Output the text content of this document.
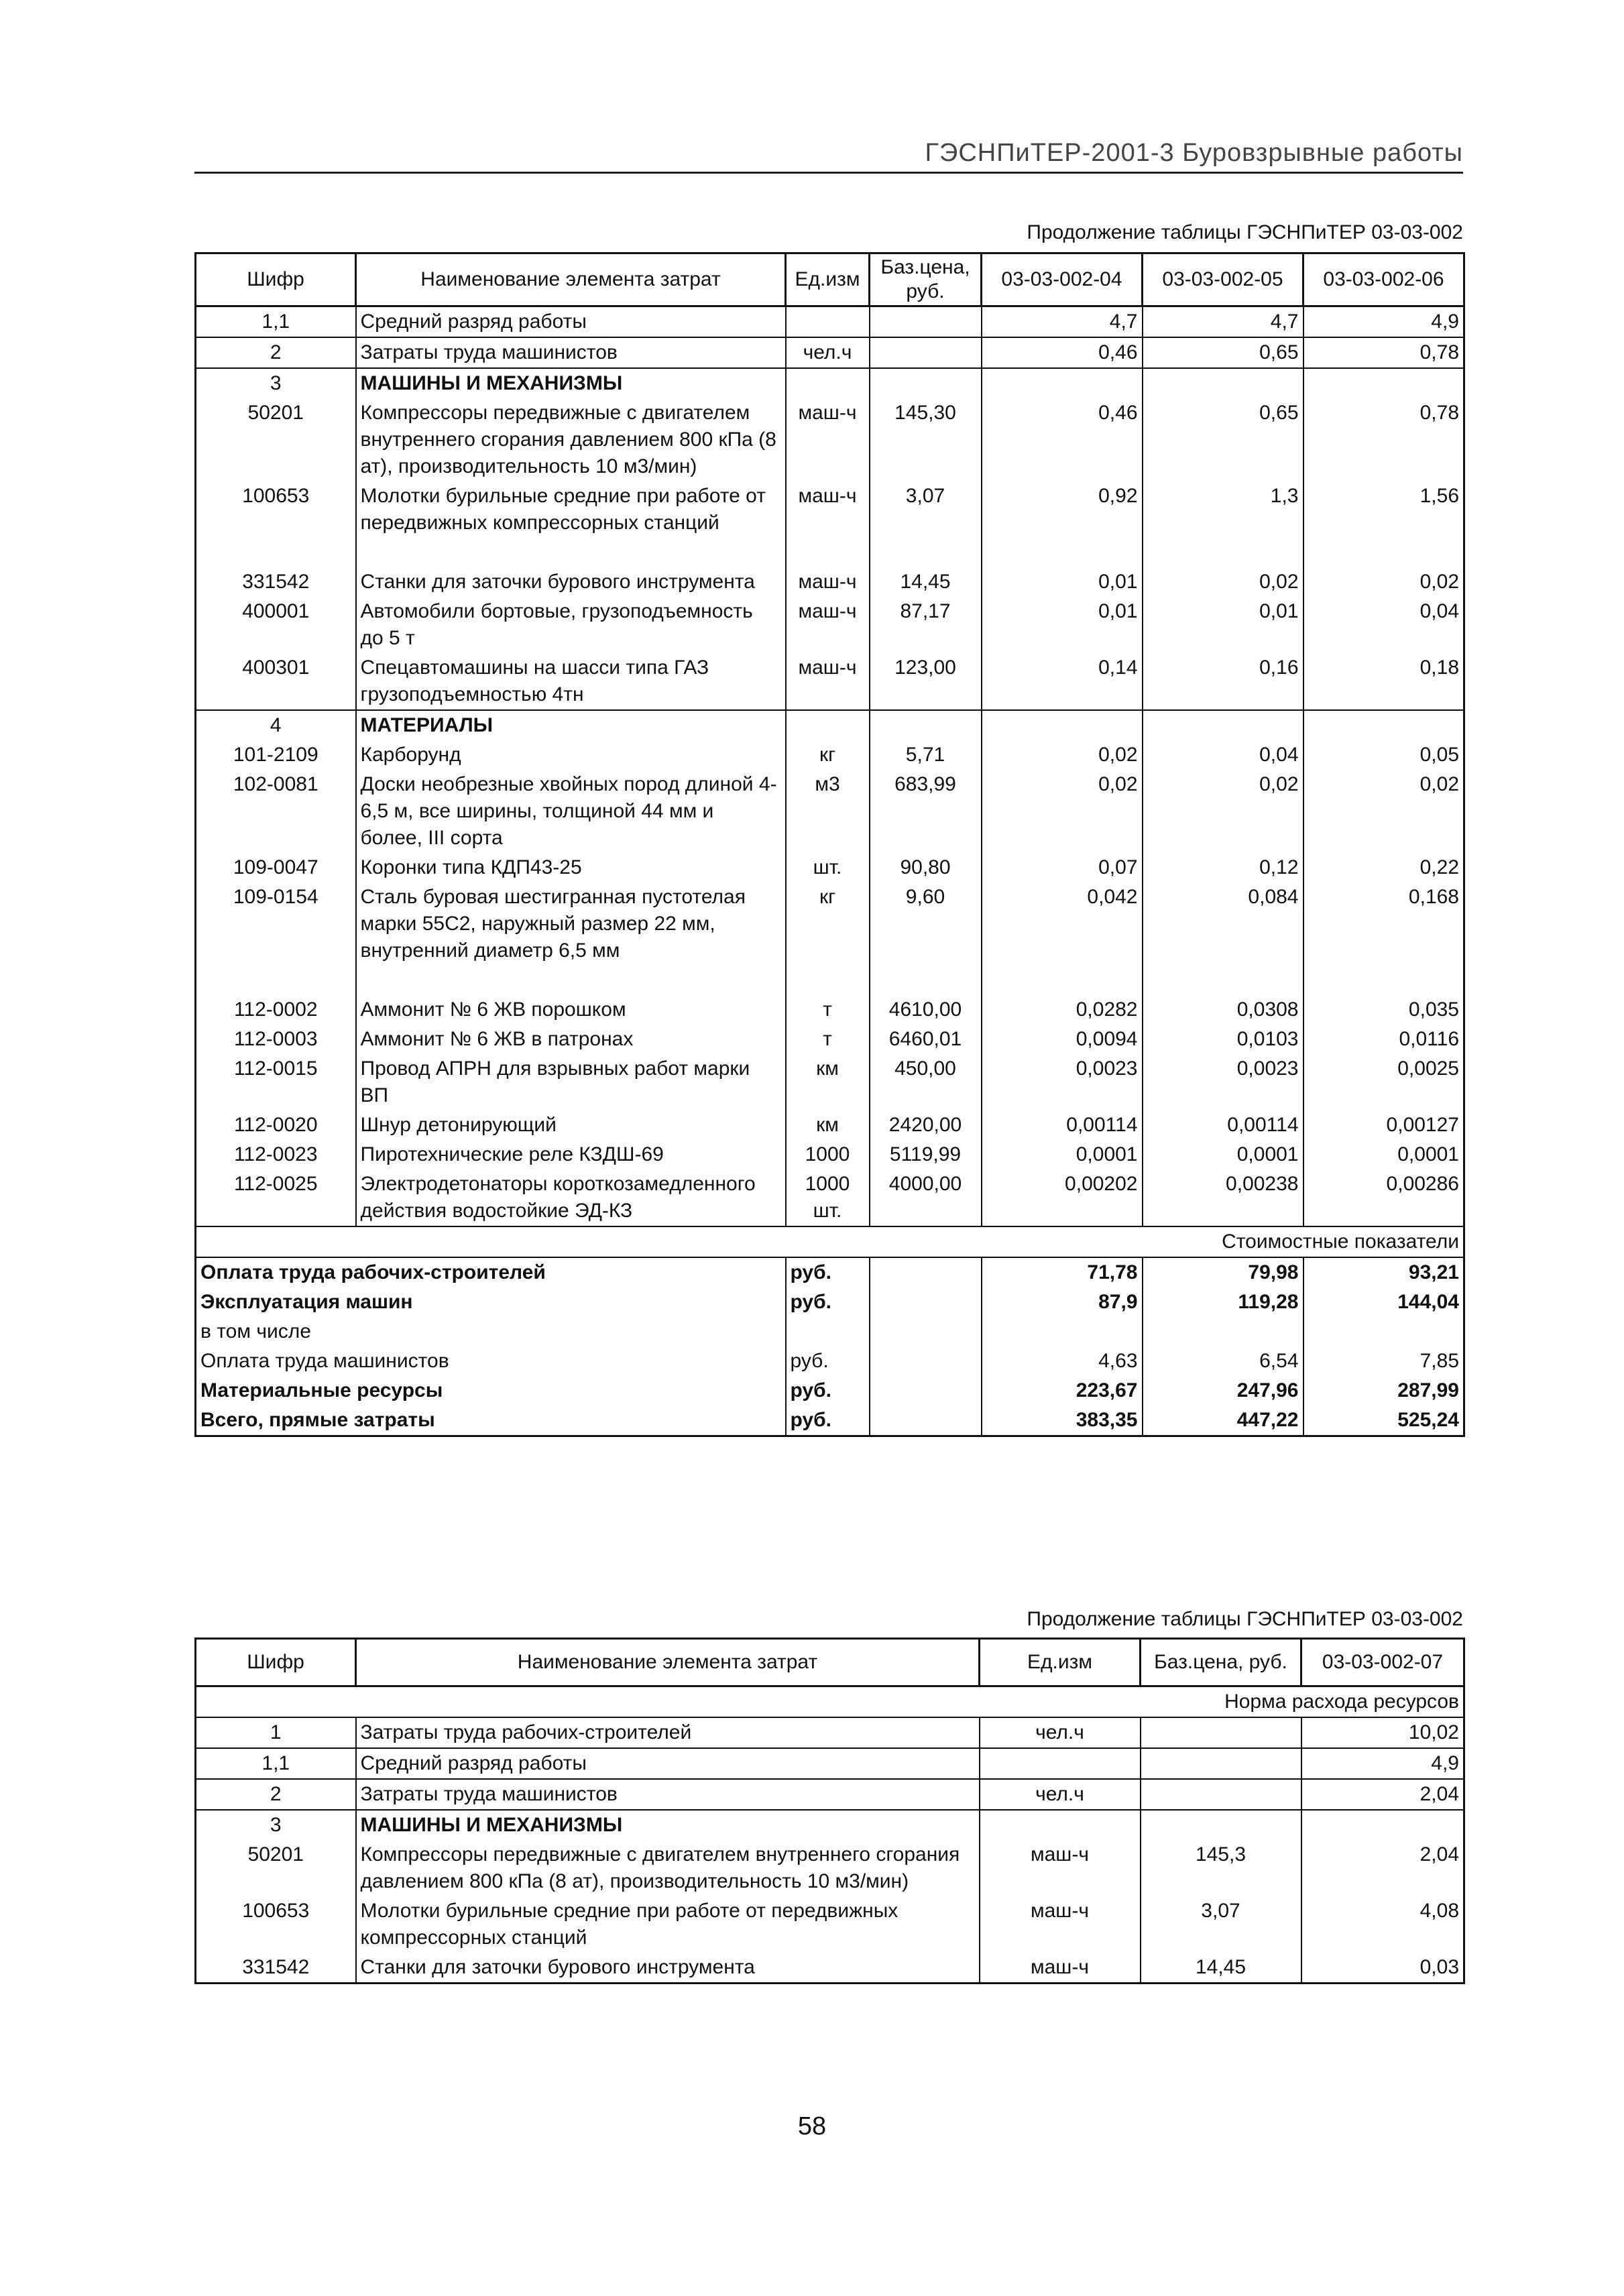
ГЭСНПиТЕР-2001-3 Буровзрывные работы
Продолжение таблицы ГЭСНПиТЕР 03-03-002
Шифр	Наименование элемента затрат	Ед.изм	Баз.цена, руб.	03-03-002-04	03-03-002-05	03-03-002-06
1,1	Средний разряд работы			4,7	4,7	4,9
2	Затраты труда машинистов	чел.ч		0,46	0,65	0,78
3	МАШИНЫ И МЕХАНИЗМЫ					
50201	Компрессоры передвижные с двигателем внутреннего сгорания давлением 800 кПа (8 ат), производительность 10 м3/мин)	маш-ч	145,30	0,46	0,65	0,78
100653	Молотки бурильные средние при работе от передвижных компрессорных станций	маш-ч	3,07	0,92	1,3	1,56

331542	Станки для заточки бурового инструмента	маш-ч	14,45	0,01	0,02	0,02
400001	Автомобили бортовые, грузоподъемность до 5 т	маш-ч	87,17	0,01	0,01	0,04
400301	Спецавтомашины на шасси типа ГАЗ грузоподъемностью 4тн	маш-ч	123,00	0,14	0,16	0,18
4	МАТЕРИАЛЫ					
101-2109	Карборунд	кг	5,71	0,02	0,04	0,05
102-0081	Доски необрезные хвойных пород длиной 4-6,5 м, все ширины, толщиной 44 мм и более, III сорта	м3	683,99	0,02	0,02	0,02
109-0047	Коронки типа КДП43-25	шт.	90,80	0,07	0,12	0,22
109-0154	Сталь буровая шестигранная пустотелая марки 55С2, наружный размер 22 мм, внутренний диаметр 6,5 мм	кг	9,60	0,042	0,084	0,168

112-0002	Аммонит № 6 ЖВ порошком	т	4610,00	0,0282	0,0308	0,035
112-0003	Аммонит № 6 ЖВ в патронах	т	6460,01	0,0094	0,0103	0,0116
112-0015	Провод АПРН для взрывных работ марки ВП	км	450,00	0,0023	0,0023	0,0025
112-0020	Шнур детонирующий	км	2420,00	0,00114	0,00114	0,00127
112-0023	Пиротехнические реле КЗДШ-69	1000	5119,99	0,0001	0,0001	0,0001
112-0025	Электродетонаторы короткозамедленного действия водостойкие ЭД-КЗ	1000 шт.	4000,00	0,00202	0,00238	0,00286
Стоимостные показатели						
Оплата труда рабочих-строителей		руб.		71,78	79,98	93,21
Эксплуатация машин		руб.		87,9	119,28	144,04
в том числе						
Оплата труда машинистов		руб.		4,63	6,54	7,85
Материальные ресурсы		руб.		223,67	247,96	287,99
Всего, прямые затраты		руб.		383,35	447,22	525,24
Продолжение таблицы ГЭСНПиТЕР 03-03-002
Шифр	Наименование элемента затрат	Ед.изм	Баз.цена, руб.	03-03-002-07
Норма расхода ресурсов				
1	Затраты труда рабочих-строителей	чел.ч		10,02
1,1	Средний разряд работы			4,9
2	Затраты труда машинистов	чел.ч		2,04
3	МАШИНЫ И МЕХАНИЗМЫ			
50201	Компрессоры передвижные с двигателем внутреннего сгорания давлением 800 кПа (8 ат), производительность 10 м3/мин)	маш-ч	145,3	2,04
100653	Молотки бурильные средние при работе от передвижных компрессорных станций	маш-ч	3,07	4,08
331542	Станки для заточки бурового инструмента	маш-ч	14,45	0,03
58
